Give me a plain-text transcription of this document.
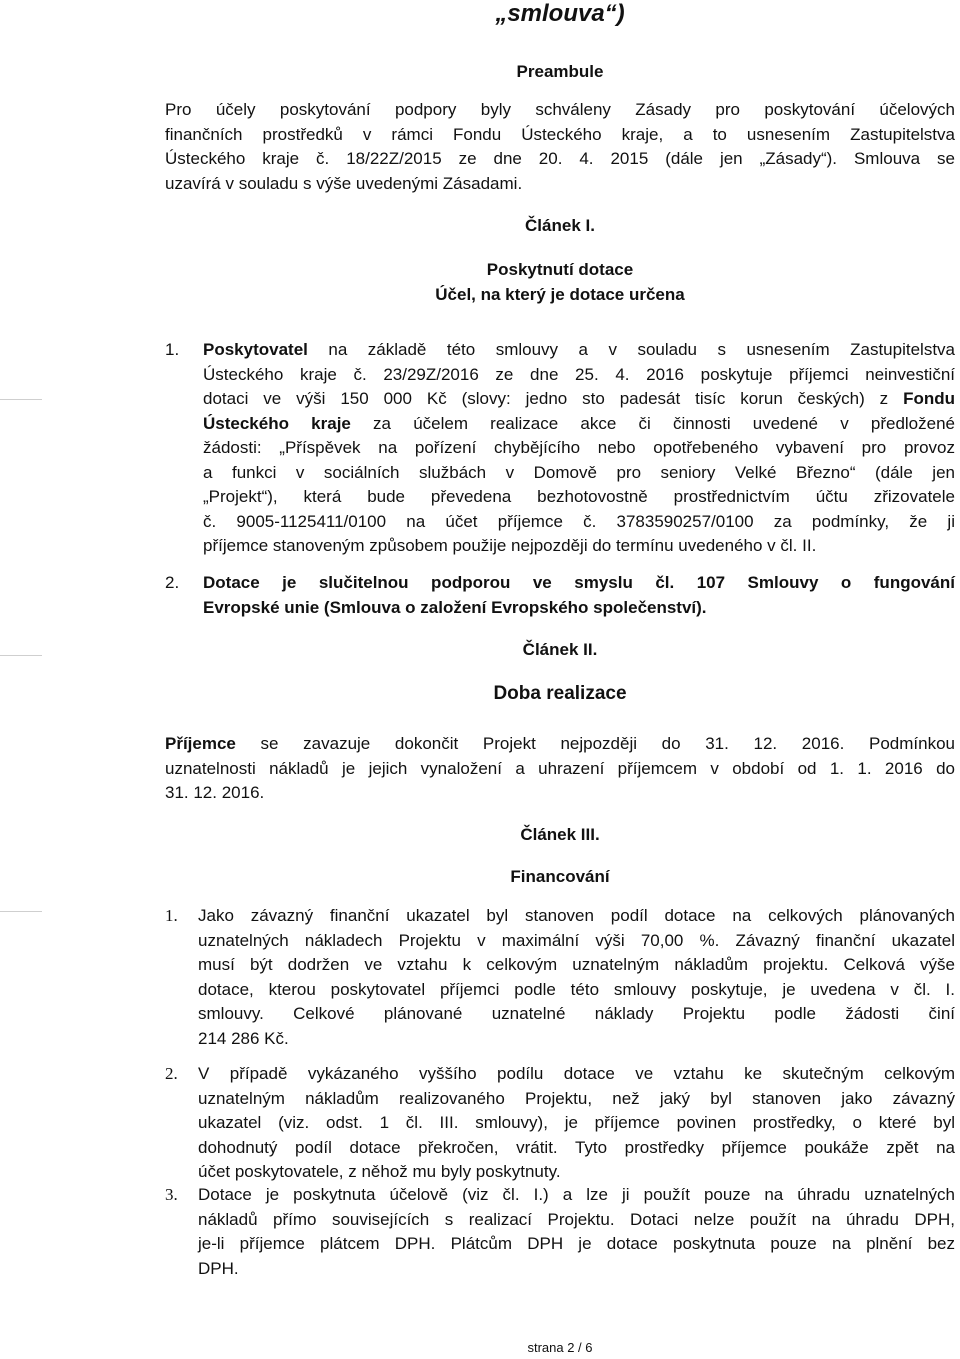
„smlouva“)
Preambule
Pro účely poskytování podpory byly schváleny Zásady pro poskytování účelových
finančních prostředků v rámci Fondu Ústeckého kraje, a to usnesením Zastupitelstva
Ústeckého kraje č. 18/22Z/2015 ze dne 20. 4. 2015 (dále jen „Zásady“). Smlouva se
uzavírá v souladu s výše uvedenými Zásadami.
Článek I.
Poskytnutí dotace
Účel, na který je dotace určena
1. Poskytovatel na základě této smlouvy a v souladu s usnesením Zastupitelstva
Ústeckého kraje č. 23/29Z/2016 ze dne 25. 4. 2016 poskytuje příjemci neinvestiční
dotaci ve výši 150 000 Kč (slovy: jedno sto padesát tisíc korun českých) z Fondu
Ústeckého kraje za účelem realizace akce či činnosti uvedené v předložené
žádosti: „Příspěvek na pořízení chybějícího nebo opotřebeného vybavení pro provoz
a funkci v sociálních službách v Domově pro seniory Velké Březno“ (dále jen
„Projekt“), která bude převedena bezhotovostně prostřednictvím účtu zřizovatele
č. 9005-1125411/0100 na účet příjemce č. 3783590257/0100 za podmínky, že ji
příjemce stanoveným způsobem použije nejpozději do termínu uvedeného v čl. II.
2. Dotace je slučitelnou podporou ve smyslu čl. 107 Smlouvy o fungování
Evropské unie (Smlouva o založení Evropského společenství).
Článek II.
Doba realizace
Příjemce se zavazuje dokončit Projekt nejpozději do 31. 12. 2016. Podmínkou
uznatelnosti nákladů je jejich vynaložení a uhrazení příjemcem v období od 1. 1. 2016 do
31. 12. 2016.
Článek III.
Financování
1. Jako závazný finanční ukazatel byl stanoven podíl dotace na celkových plánovaných
uznatelných nákladech Projektu v maximální výši 70,00 %. Závazný finanční ukazatel
musí být dodržen ve vztahu k celkovým uznatelným nákladům projektu. Celková výše
dotace, kterou poskytovatel příjemci podle této smlouvy poskytuje, je uvedena v čl. I.
smlouvy. Celkové plánované uznatelné náklady Projektu podle žádosti činí
214 286 Kč.
2. V případě vykázaného vyššího podílu dotace ve vztahu ke skutečným celkovým
uznatelným nákladům realizovaného Projektu, než jaký byl stanoven jako závazný
ukazatel (viz. odst. 1 čl. III. smlouvy), je příjemce povinen prostředky, o které byl
dohodnutý podíl dotace překročen, vrátit. Tyto prostředky příjemce poukáže zpět na
účet poskytovatele, z něhož mu byly poskytnuty.
3. Dotace je poskytnuta účelově (viz čl. I.) a lze ji použít pouze na úhradu uznatelných
nákladů přímo souvisejících s realizací Projektu. Dotaci nelze použít na úhradu DPH,
je-li příjemce plátcem DPH. Plátcům DPH je dotace poskytnuta pouze na plnění bez
DPH.
strana 2 / 6
